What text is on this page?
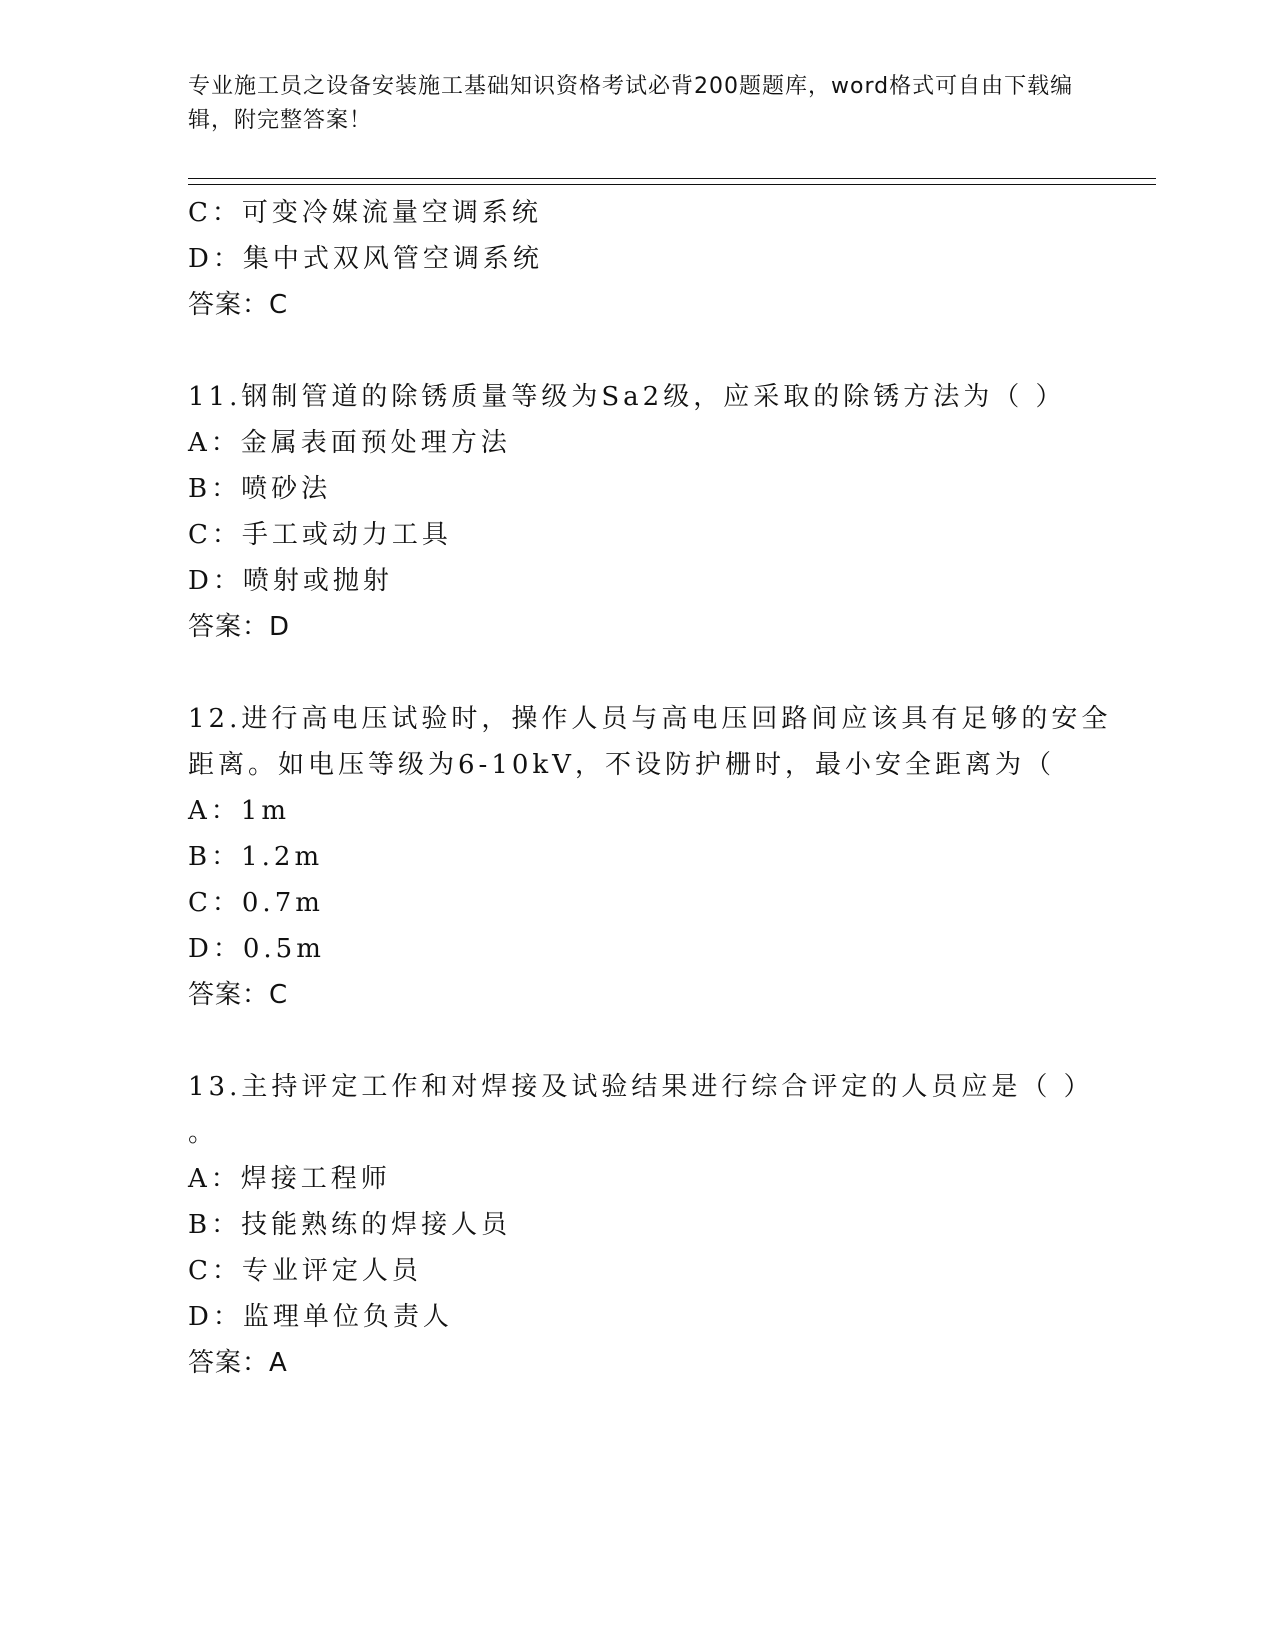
专业施工员之设备安装施工基础知识资格考试必背200题题库，word格式可自由下载编辑，附完整答案！
C：可变冷媒流量空调系统
D：集中式双风管空调系统
答案：C
11.钢制管道的除锈质量等级为Sa2级，应采取的除锈方法为（ ）
A：金属表面预处理方法
B：喷砂法
C：手工或动力工具
D：喷射或抛射
答案：D
12.进行高电压试验时，操作人员与高电压回路间应该具有足够的安全
距离。如电压等级为6-10kV，不设防护栅时，最小安全距离为（
A：1m
B：1.2m
C：0.7m
D：0.5m
答案：C
13.主持评定工作和对焊接及试验结果进行综合评定的人员应是（ ）
。
A：焊接工程师
B：技能熟练的焊接人员
C：专业评定人员
D：监理单位负责人
答案：A
